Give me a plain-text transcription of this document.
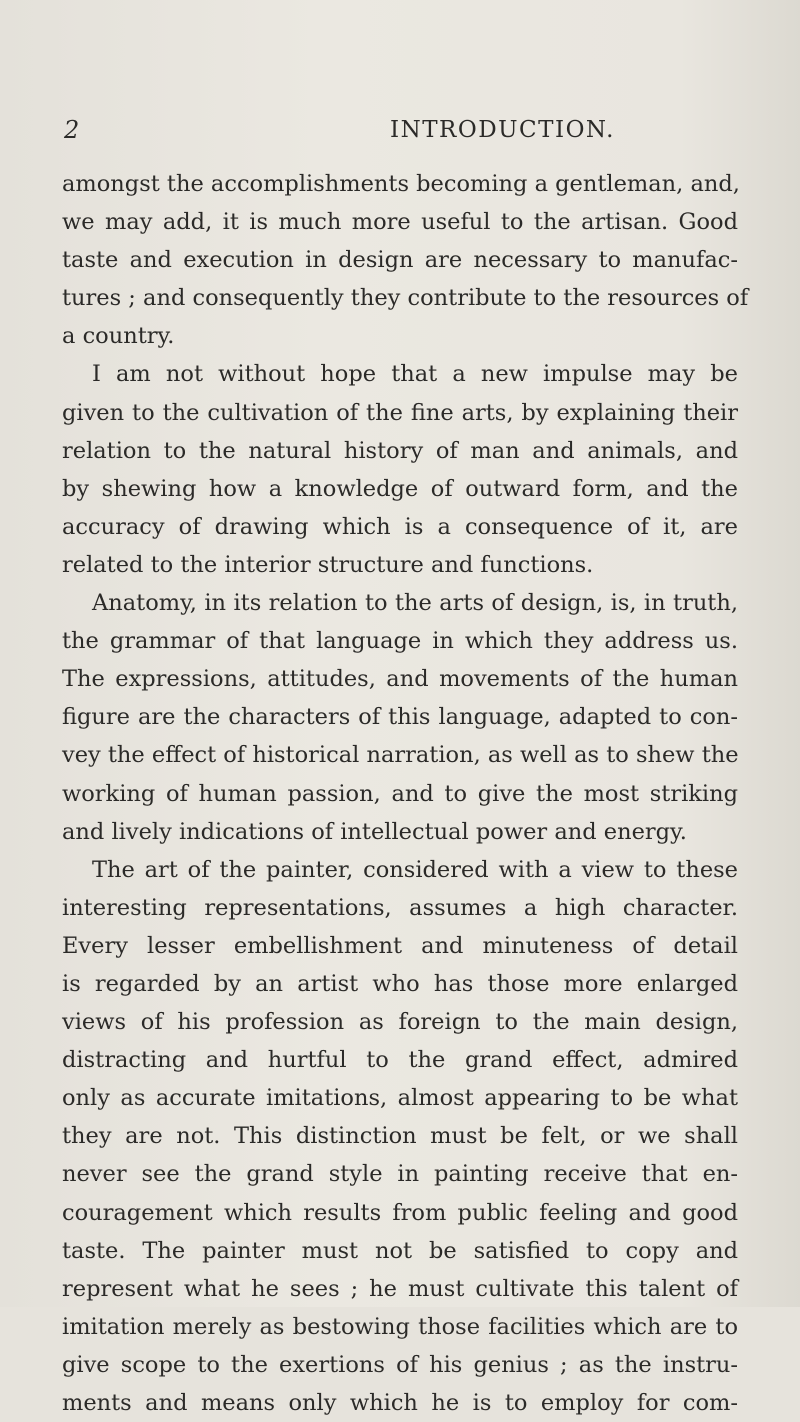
2	INTRODUCTION.
amongst the accomplishments becoming a gentleman, and,
we may add, it is much more useful to the artisan. Good
taste and execution in design are necessary to manufac-
tures ; and consequently they contribute to the resources of
a country.
I am not without hope that a new impulse may be
given to the cultivation of the fine arts, by explaining their
relation to the natural history of man and animals, and
by shewing how a knowledge of outward form, and the
accuracy of drawing which is a consequence of it, are
related to the interior structure and functions.
Anatomy, in its relation to the arts of design, is, in truth,
the grammar of that language in which they address us.
The expressions, attitudes, and movements of the human
figure are the characters of this language, adapted to con-
vey the effect of historical narration, as well as to shew the
working of human passion, and to give the most striking
and lively indications of intellectual power and energy.
The art of the painter, considered with a view to these
interesting representations, assumes a high character.
Every lesser embellishment and minuteness of detail
is regarded by an artist who has those more enlarged
views of his profession as foreign to the main design,
distracting and hurtful to the grand effect, admired
only as accurate imitations, almost appearing to be what
they are not. This distinction must be felt, or we shall
never see the grand style in painting receive that en-
couragement which results from public feeling and good
taste. The painter must not be satisfied to copy and
represent what he sees ; he must cultivate this talent of
imitation merely as bestowing those facilities which are to
give scope to the exertions of his genius ; as the instru-
ments and means only which he is to employ for com-
